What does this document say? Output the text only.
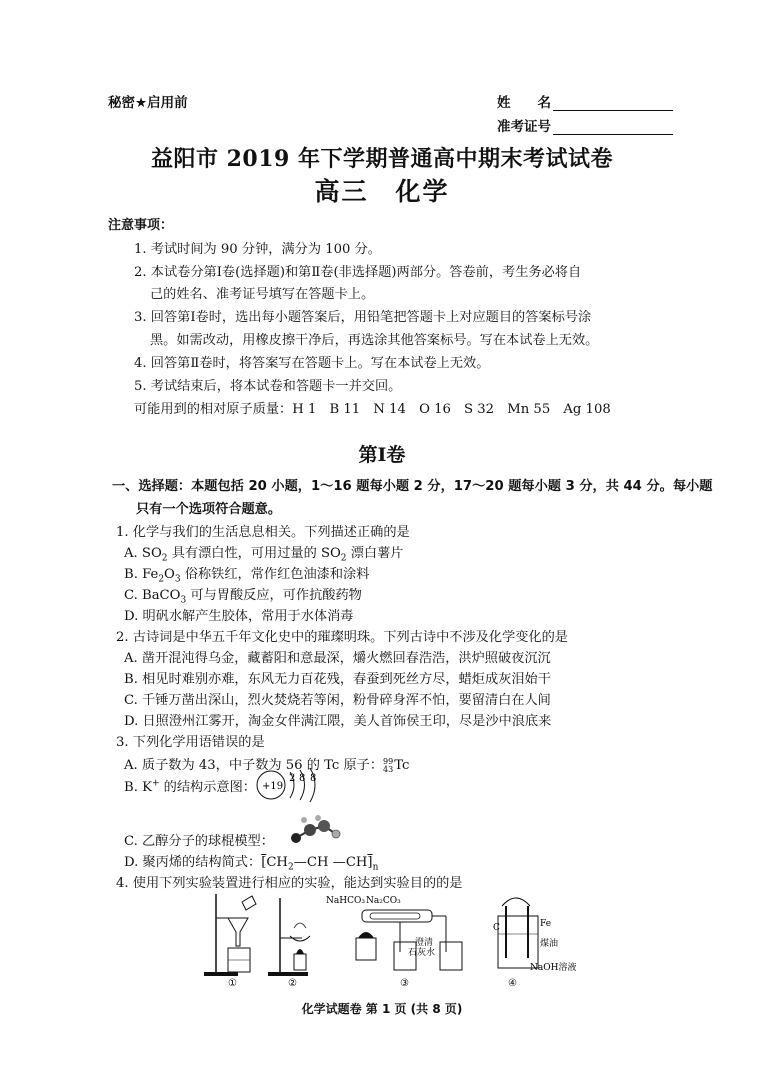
秘密★启用前	姓　　名
准考证号
益阳市 2019 年下学期普通高中期末考试试卷
高三　化学
注意事项：
1. 考试时间为 90 分钟，满分为 100 分。
2. 本试卷分第Ⅰ卷(选择题)和第Ⅱ卷(非选择题)两部分。答卷前，考生务必将自
己的姓名、准考证号填写在答题卡上。
3. 回答第Ⅰ卷时，选出每小题答案后，用铅笔把答题卡上对应题目的答案标号涂
黑。如需改动，用橡皮擦干净后，再选涂其他答案标号。写在本试卷上无效。
4. 回答第Ⅱ卷时，将答案写在答题卡上。写在本试卷上无效。
5. 考试结束后，将本试卷和答题卡一并交回。
可能用到的相对原子质量：H 1　B 11　N 14　O 16　S 32　Mn 55　Ag 108
第Ⅰ卷
一、选择题：本题包括 20 小题，1～16 题每小题 2 分，17～20 题每小题 3 分，共 44 分。每小题
只有一个选项符合题意。
1. 化学与我们的生活息息相关。下列描述正确的是
A. $SO_2$ 具有漂白性，可用过量的 $SO_2$ 漂白薯片
B. $Fe_2O_3$ 俗称铁红，常作红色油漆和涂料
C. BaCO$_3$ 可与胃酸反应，可作抗酸药物
D. 明矾水解产生胶体，常用于水体消毒
2. 古诗词是中华五千年文化史中的璀璨明珠。下列古诗中不涉及化学变化的是
A. 凿开混沌得乌金，藏蓄阳和意最深，爝火燃回春浩浩，洪炉照破夜沉沉
B. 相见时难别亦难，东风无力百花残，春蚕到死丝方尽，蜡炬成灰泪始干
C. 千锤万凿出深山，烈火焚烧若等闲，粉骨碎身浑不怕，要留清白在人间
D. 日照澄州江雾开，淘金女伴满江隈，美人首饰侯王印，尽是沙中浪底来
3. 下列化学用语错误的是
A. 质子数为 43，中子数为 56 的 Tc 原子：99
43Tc
B. K+ 的结构示意图： +19
2 8 8
C. 乙醇分子的球棍模型：
D. 聚丙烯的结构简式：[$CH_2—CH$ $—CH]_n$
4. 使用下列实验装置进行相应的实验，能达到实验目的的是
NaHCO₃ Na₂CO₃
澄清
石灰水
C	Fe
煤油
NaOH溶液
①	②	③	④
化学试题卷 第 1 页 (共 8 页)
